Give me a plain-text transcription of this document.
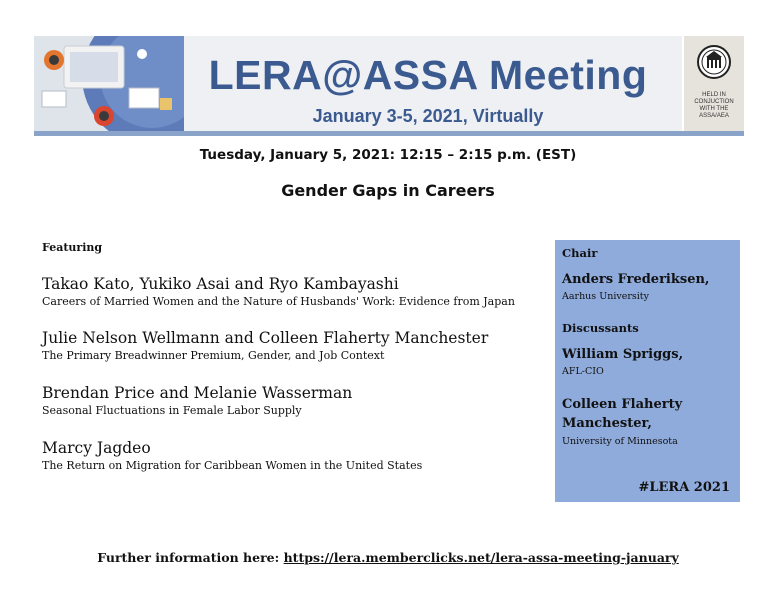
LERA@ASSA Meeting
January 3-5, 2021, Virtually
HELD IN
CONJUCTION
WITH THE
ASSA/AEA
Tuesday, January 5, 2021: 12:15 – 2:15 p.m. (EST)
Gender Gaps in Careers
Featuring
Takao Kato, Yukiko Asai and Ryo Kambayashi
Careers of Married Women and the Nature of Husbands' Work: Evidence from Japan
Julie Nelson Wellmann and Colleen Flaherty Manchester
The Primary Breadwinner Premium, Gender, and Job Context
Brendan Price and Melanie Wasserman
Seasonal Fluctuations in Female Labor Supply
Marcy Jagdeo
The Return on Migration for Caribbean Women in the United States
Chair
Anders Frederiksen,
Aarhus University
Discussants
William Spriggs,
AFL-CIO
Colleen Flaherty
Manchester,
University of Minnesota
#LERA 2021
Further information here: https://lera.memberclicks.net/lera-assa-meeting-january
